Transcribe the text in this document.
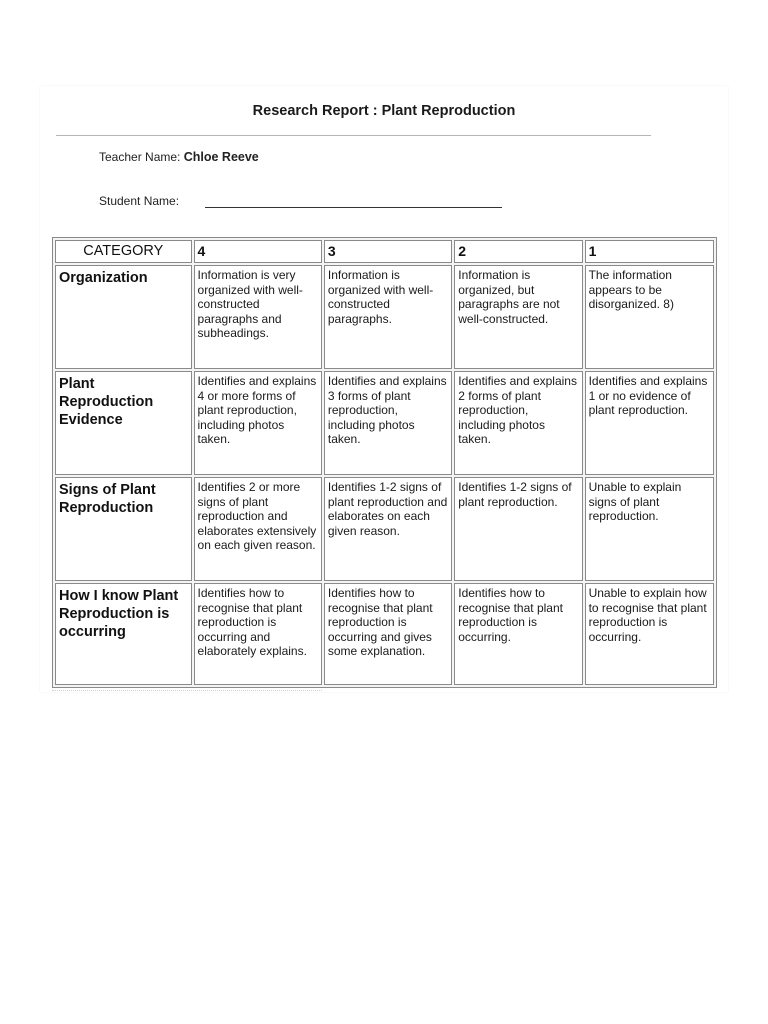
Research Report : Plant Reproduction
Teacher Name: Chloe Reeve
Student Name:
CATEGORY	4	3	2	1
Organization	Information is very organized with well-constructed paragraphs and subheadings.	Information is organized with well-constructed paragraphs.	Information is organized, but paragraphs are not well-constructed.	The information appears to be disorganized. 8)
Plant Reproduction Evidence	Identifies and explains 4 or more forms of plant reproduction, including photos taken.	Identifies and explains 3 forms of plant reproduction, including photos taken.	Identifies and explains 2 forms of plant reproduction, including photos taken.	Identifies and explains 1 or no evidence of plant reproduction.
Signs of Plant Reproduction	Identifies 2 or more signs of plant reproduction and elaborates extensively on each given reason.	Identifies 1-2 signs of plant reproduction and elaborates on each given reason.	Identifies 1-2 signs of plant reproduction.	Unable to explain signs of plant reproduction.
How I know Plant Reproduction is occurring	Identifies how to recognise that plant reproduction is occurring and elaborately explains.	Identifies how to recognise that plant reproduction is occurring and gives some explanation.	Identifies how to recognise that plant reproduction is occurring.	Unable to explain how to recognise that plant reproduction is occurring.
